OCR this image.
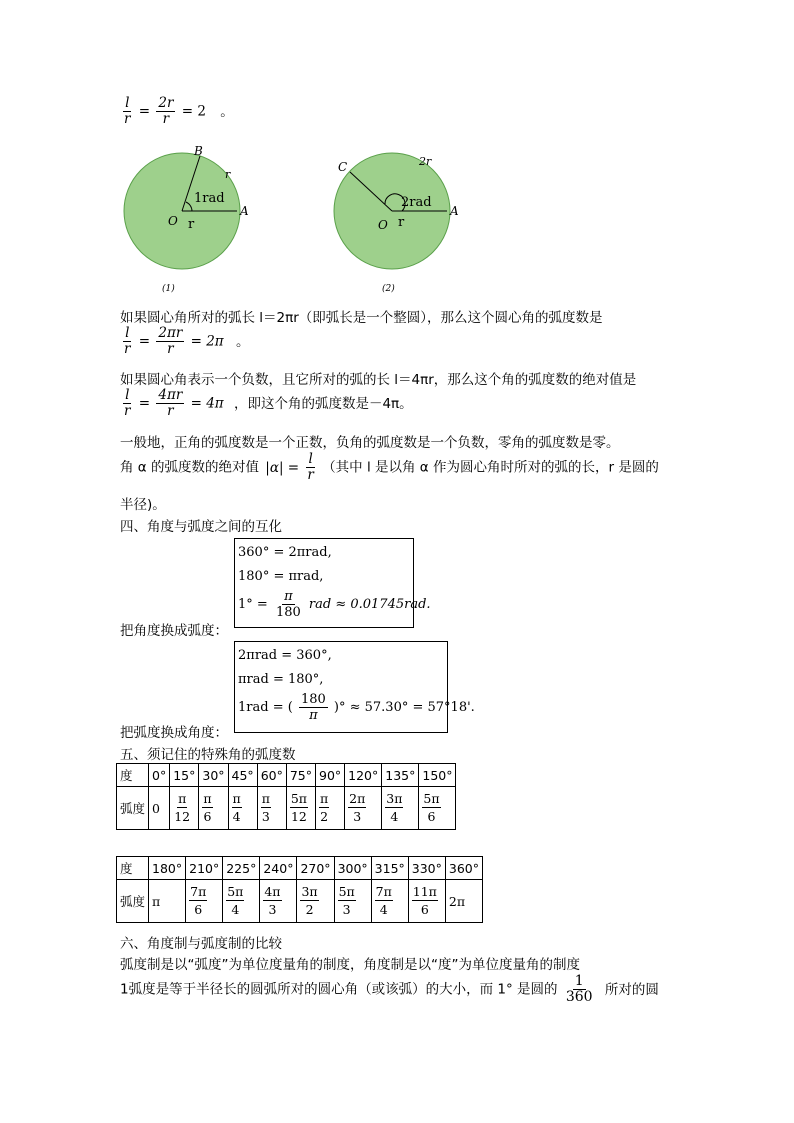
$\frac{l}{r} = \frac{2r}{r} = 2$ 。
B
r
1rad
O r
A
(1)
C	2r
2rad
O r
A
(2)
如果圆心角所对的弧长 l＝2πr（即弧长是一个整圆），那么这个圆心角的弧度数是
$\frac{l}{r} = \frac{2\pi r}{r} = 2\pi$ 。
如果圆心角表示一个负数，且它所对的弧的长 l＝4πr，那么这个角的弧度数的绝对值是
$\frac{l}{r} = \frac{4\pi r}{r} = 4\pi$ ，即这个角的弧度数是－4π。
一般地，正角的弧度数是一个正数，负角的弧度数是一个负数，零角的弧度数是零。
角 α 的弧度数的绝对值 $|\alpha| = \frac{l}{r}$ （其中 l 是以角 α 作为圆心角时所对的弧的长，r 是圆的
半径)。
四、角度与弧度之间的互化
360° = 2πrad,
180° = πrad,
$1^\circ = \frac{\pi}{180}$ rad ≈ 0.01745rad.
把角度换成弧度：
2πrad = 360°,
πrad = 180°,
1rad = ( $\frac{180}{\pi}$ )° ≈ 57.30° = 57°18'.
把弧度换成角度：
五、须记住的特殊角的弧度数
度	0°	15°	30°	45°	60°	75°	90°	120°	135°	150°
弧度	0	$\frac{\pi}{12}$	$\frac{\pi}{6}$	$\frac{\pi}{4}$	$\frac{\pi}{3}$	$\frac{5\pi}{12}$	$\frac{\pi}{2}$	$\frac{2\pi}{3}$	$\frac{3\pi}{4}$	$\frac{5\pi}{6}$
度	180°	210°	225°	240°	270°	300°	315°	330°	360°
弧度	π	$\frac{7\pi}{6}$	$\frac{5\pi}{4}$	$\frac{4\pi}{3}$	$\frac{3\pi}{2}$	$\frac{5\pi}{3}$	$\frac{7\pi}{4}$	$\frac{11\pi}{6}$	2π
六、角度制与弧度制的比较
弧度制是以“弧度”为单位度量角的制度，角度制是以“度”为单位度量角的制度
1弧度是等于半径长的圆弧所对的圆心角（或该弧）的大小，而 1° 是圆的 $\frac{1}{360}$ 所对的圆
